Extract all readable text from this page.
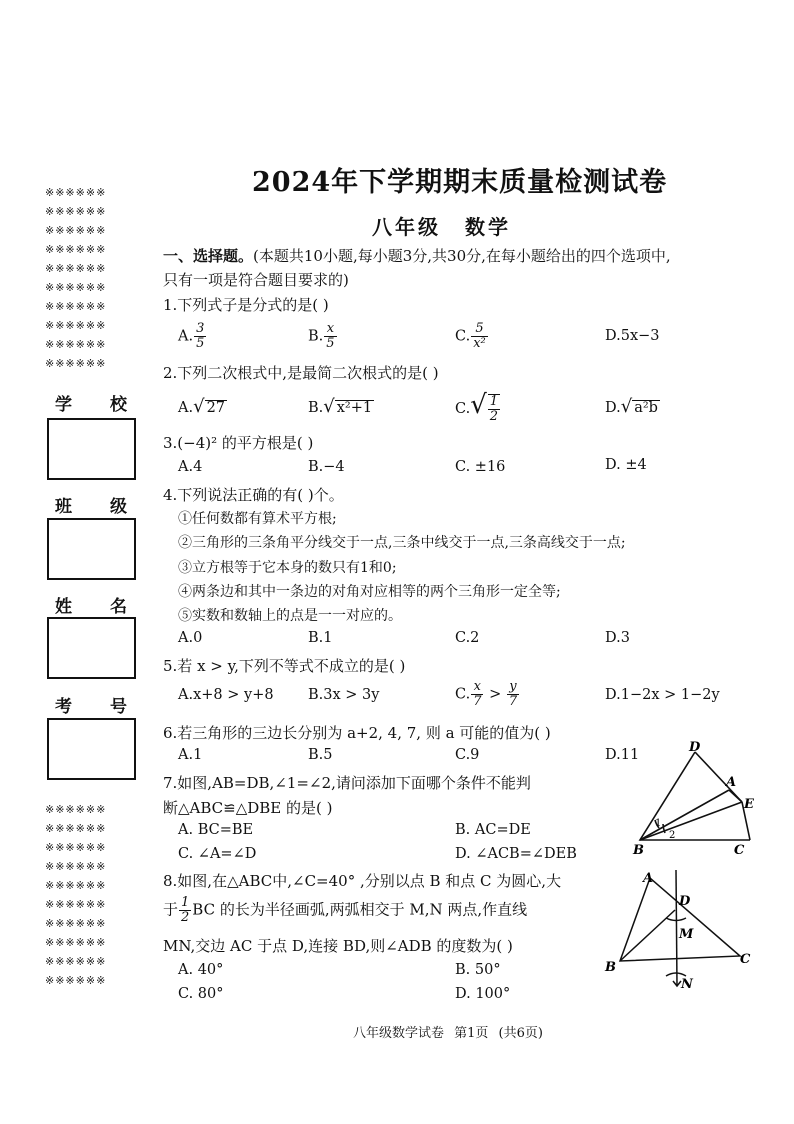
※※※※※※
※※※※※※
※※※※※※
※※※※※※
※※※※※※
※※※※※※
※※※※※※
※※※※※※
※※※※※※
※※※※※※
学 校
班 级
姓 名
考 号
※※※※※※
※※※※※※
※※※※※※
※※※※※※
※※※※※※
※※※※※※
※※※※※※
※※※※※※
※※※※※※
※※※※※※
2024年下学期期末质量检测试卷
八年级 数学
一、选择题。(本题共10小题,每小题3分,共30分,在每小题给出的四个选项中,
只有一项是符合题目要求的)
1.下列式子是分式的是( )
A. $\frac{3}{5}$	B. $\frac{x}{5}$	C. $\frac{5}{\text{x²}}$	D.5x−3
2.下列二次根式中,是最简二次根式的是( )
A.√ 27	B.√ x²+1	$C.√ \frac{1}{2}$	D.√ a²b
3.(−4)² 的平方根是( )
A.4	B.−4	C. ±16	D. ±4
4.下列说法正确的有( )个。
①任何数都有算术平方根;
②三角形的三条角平分线交于一点,三条中线交于一点,三条高线交于一点;
③立方根等于它本身的数只有1和0;
④两条边和其中一条边的对角对应相等的两个三角形一定全等;
⑤实数和数轴上的点是一一对应的。
A.0	B.1	C.2	D.3
5.若 x > y,下列不等式不成立的是( )
A.x+8 > y+8 B.3x > 3y	C. $\frac{x}{7} > \frac{y}{7}$	D.1−2x > 1−2y
6.若三角形的三边长分别为 a+2, 4, 7, 则 a 可能的值为( )
A.1	B.5	C.9	D.11
7.如图,AB=DB,∠1=∠2,请问添加下面哪个条件不能判
断△ABC≌△DBE 的是( )
A. BC=BE	B. AC=DE
C. ∠A=∠D	D. ∠ACB=∠DEB
D
A
E
B	C
1
2
8.如图,在△ABC中,∠C=40° ,分别以点 B 和点 C 为圆心,大
于 $\frac{1}{2}$ BC 的长为半径画弧,两弧相交于 M,N 两点,作直线
MN,交边 AC 于点 D,连接 BD,则∠ADB 的度数为( )
A. 40°	B. 50°
C. 80°	D. 100°
A
D
M
B
C
N
八年级数学试卷 第1页 (共6页)
